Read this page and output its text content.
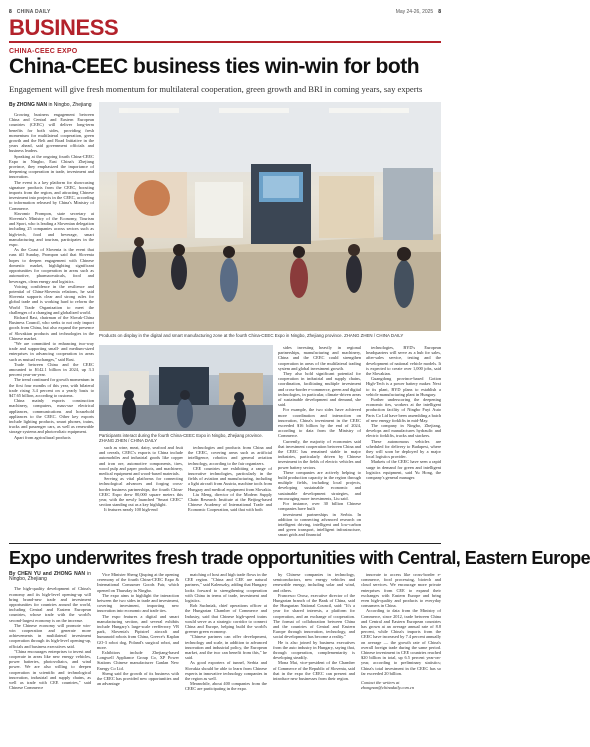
8 CHINA DAILY	May 24-26, 2025 8
BUSINESS
CHINA-CEEC EXPO
China-CEEC business ties win-win for both
Engagement will give fresh momentum for multilateral cooperation, green growth and BRI in coming years, say experts
By ZHONG NAN in Ningbo, Zhejiang

Growing business engagement between China and Central and Eastern European countries (CEEC) will deliver long-term benefits for both sides, providing fresh momentum for multilateral cooperation, green growth and the Belt and Road Initiative in the years ahead, said government officials and business leaders.

Speaking at the ongoing fourth China-CEEC Expo in Ningbo, East China's Zhejiang province, they emphasized the importance of deepening cooperation in trade, investment and innovation.

The event is a key platform for showcasing signature products from the CEEC, boosting imports from the region, and attracting Chinese investment into projects in the CEEC, according to information released by China's Ministry of Commerce.

Slavomir Prompon, state secretary at Slovenia's Ministry of the Economy, Tourism and Sport, who is leading a Slovenian delegation including 25 companies across sectors such as high-tech, food and beverage, smart manufacturing and tourism, participates in the expo.

As the Coast of Slovenia is the event that runs till Sunday, Prompon said that Slovenia hopes to deepen engagement with Chinese domestic market, highlighting significant opportunities for cooperation in areas such as automotive, pharmaceuticals, food and beverages, clean energy and logistics.

Voicing confidence in the resilience and potential of China-Slovenia relations, he said Slovenia supports clear and strong rules for global trade and is working hard to reform the World Trade Organization to meet the challenges of a changing and globalized world.

Richard Rast, chairman of the Slovak-China Business Council, who seeks to not only import goods from China, but also expand the presence of Slovakian products and technologies in the Chinese market.

"We are committed to enhancing two-way trade and supporting small- and medium-sized enterprises in advancing cooperation in areas such as mutual exchanges," said Rast.

Trade between China and the CEEC amounted to $142.1 billion in 2024, up 3.3 percent year-on-year.

The trend continued for growth momentum in the first four months of this year, with bilateral trade rising 3.4 percent on a yearly basis to $47.65 billion, according to customs.

China mainly exports construction machinery, computers, mass-use electrical appliances, communications and household appliances to the CEEC. Other key exports include lighting products, smart phones, trains, trucks and passenger cars, as well as renewable storage systems and photovoltaic equipment.

Apart from agricultural products

Products on display in the digital and smart manufacturing zone at the fourth China-CEEC Expo in Ningbo, Zhejiang province. ZHANG ZHEN / CHINA DAILY
Participants interact during the fourth China-CEEC Expo in Ningbo, Zhejiang province. ZHANG ZHEN / CHINA DAILY

such as wine, meat, dairy, seafood and fruit and cereals, CEEC's exports to China include automobiles and industrial goods like copper and iron ore, automotive components, tires, wood pulp and paper products, and machinery, medical equipment and wood-based materials.

Serving as vital platforms for connecting technological advances and forging cross-border business partnerships, the fourth China-CEEC Expo drew 80,000 square meters this year, with the newly launched "Smart CEEC" section standing out as a key highlight.

It features nearly 100 high-end

technologies and products from China and the CEEC, covering areas such as artificial intelligence, robotics and general aviation technology, according to the fair organizers.

CEE countries are exhibiting a range of innovative technologies, particularly in the fields of aviation and manufacturing, including a light aircraft from Austria, machine tools from Hungary and medical equipment from Slovakia.

Liu Meng, director of the Modern Supply Chain Research Institute at the Beijing-based Chinese Academy of International Trade and Economic Cooperation, said that with both

sides investing heavily in regional partnerships, manufacturing and machinery, China and the CEEC could strengthen cooperation in areas of the multilateral trading system and global investment growth.

They also hold significant potential for cooperation in industrial and supply chains, coordination, facilitating multiple investment and cross-border e-commerce, green and digital technologies, in particular, climate-driven areas of sustainable development and demand, she said.

For example, the two sides have achieved more coordination and interaction on innovation, China's investment in the CEEC exceeded $16 billion by the end of 2024, according to data from the Ministry of Commerce.

Currently, the majority of economies said that investment cooperation between China and the CEEC has remained stable in major industries, particularly driven by Chinese investment in the fields of electric vehicles and power battery sectors.

These companies are actively helping to build production capacity in the region through multiple fields, including local projects, developing sustainable economic and sustainable development strategies, and encouraging more investments, Liu said.

For instance, over 30 billion Chinese companies have built

investment partnerships in Serbia. In addition to connecting advanced research on intelligent driving, intelligent and low-carbon and green transport, intelligent infrastructure, smart grids and financial

technologies, BYD's European headquarters will serve as a hub for sales, after-sales service, testing and the development of national vehicle models. It is expected to create over 1,000 jobs, said the Slovakian.

Guangdong province-based Gotion High-Tech is a power battery maker. Next to its plant, BYD plans to establish a vehicle manufacturing plant in Hungary.

Further underscoring the deepening economic ties, workers at the intelligent production facility of Ningbo Fuyi Auto Parts Co Ltd have been assembling a batch of new energy forklifts in mid-May.

The company in Ningbo, Zhejiang, develops and manufactures hydraulic and electric forklifts, trucks and stackers.

These autonomous vehicles are scheduled for delivery to Budapest, where they will soon be deployed by a major local logistics provider.

Markets of the CEEC have seen a rapid surge in demand for green and intelligent logistics equipment, said Yu Hong, the company's general manager.

Expo underwrites fresh trade opportunities with Central, Eastern Europe
By CHEN YU and ZHONG NAN in Ningbo, Zhejiang

The high-quality development of China's economy and its high-level opening-up will bring brand-new trade and investment opportunities for countries around the world, including Central and Eastern European countries, whose trade with the world's second-largest economy is on the increase.

The Chinese economy will promote win-win cooperation and generate more achievements in multilateral investment cooperation through its high-level opening-up, officials and business executives said.

"China encourages enterprises to invest and cooperate in areas like new energy vehicles, power batteries, photovoltaics, and wind power. We are also willing to deepen cooperation in scientific and technological innovation, industrial and supply chains, as well as trade with CEE countries," said Chinese Commerce

Vice Minister Sheng Qiuping at the opening ceremony of the fourth China-CEEC Expo & International Consumer Goods Fair, which opened on Thursday in Ningbo.

The expo aims to highlight the interaction between the two sides in trade and investment, covering investment, importing new innovation into economic and trade ties.

The expo features a digital and smart manufacturing section, and several exhibits include Hungary's large-scale reefferrory VR park, Slovenia's Pipistrel aircraft and humanoid robots from China, Greece's Kaplan GO-3 robot dog, Poland's surgical robot, and more.

Exhibitors include Zhejiang-based Longwell Appliance Group Co, XP Power Stations Chinese manufacturer Ganlan New Energy Co Ltd.

Sheng said the growth of its business with the CEEC has provided new opportunities and an advantage

matching of host and high trade flows in the CEE region. "China and CEE are natural partners," said Kalenszky, adding that Hungary looks forward to strengthening cooperation with China in terms of trade, investment and logistics.

Rob Suchniak, chief operations officer at the Hungarian Chamber of Commerce and Industry, said that Chinese high-speed trains would serve as a strategic corridor to connect China and Europe, helping build the world's greener green economy.

"Chinese partners can offer development, technology and scale, in addition to advanced innovation and industrial policy, the European market, and the two can benefit from this," he said.

As good exporters of tunnel, Serbia and Slovakia should be able to learn from Chinese experts in innovative technology companies in the region as well.

Meanwhile, about 400 companies from the CEEC are participating in the expo.

by Chinese companies in technology, semiconductors, new energy vehicles and renewable energy, including solar and wind, and others.

Francesco Orosz, executive director of the Hungarian branch of the Bank of China, said the Hungarian National Council, said: "It's a year for shared interests, a platform for cooperation, and an exchange of cooperation. The format of collaboration between China and the countries of Central and Eastern Europe through innovation, technology, and social development has become a reality."

He is also joined by business executives from the auto industry in Hungary, saying that, through cooperation, complementarity is developing steadily.

Mona Mai, vice-president of the Chamber of Commerce of the Republic of Slovenia, said that in the expo the CEEC can present and introduce new businesses from their region.

innovate to access like cross-border e-commerce, food processing, biotech and cloud services. We encourage more private enterprises from CEE to expand their exchanges with Eastern Europe and bring even high-quality and products to everyday consumers in China.

According to data from the Ministry of Commerce, since 2012, trade between China and Central and Eastern European countries has grown at an average annual rate of 8.8 percent, while China's imports from the CEEC have increased by 7.4 percent annually on average — the growth rate of China's overall foreign trade during the same period. Chinese investment in CEE countries reached $20 billion in total, up 6.5 percent year-on-year, according to preliminary statistics; China's total investment in the CEEC has so far exceeded 20 billion.

Contact the writers at
zhongnan@chinadaily.com.cn
